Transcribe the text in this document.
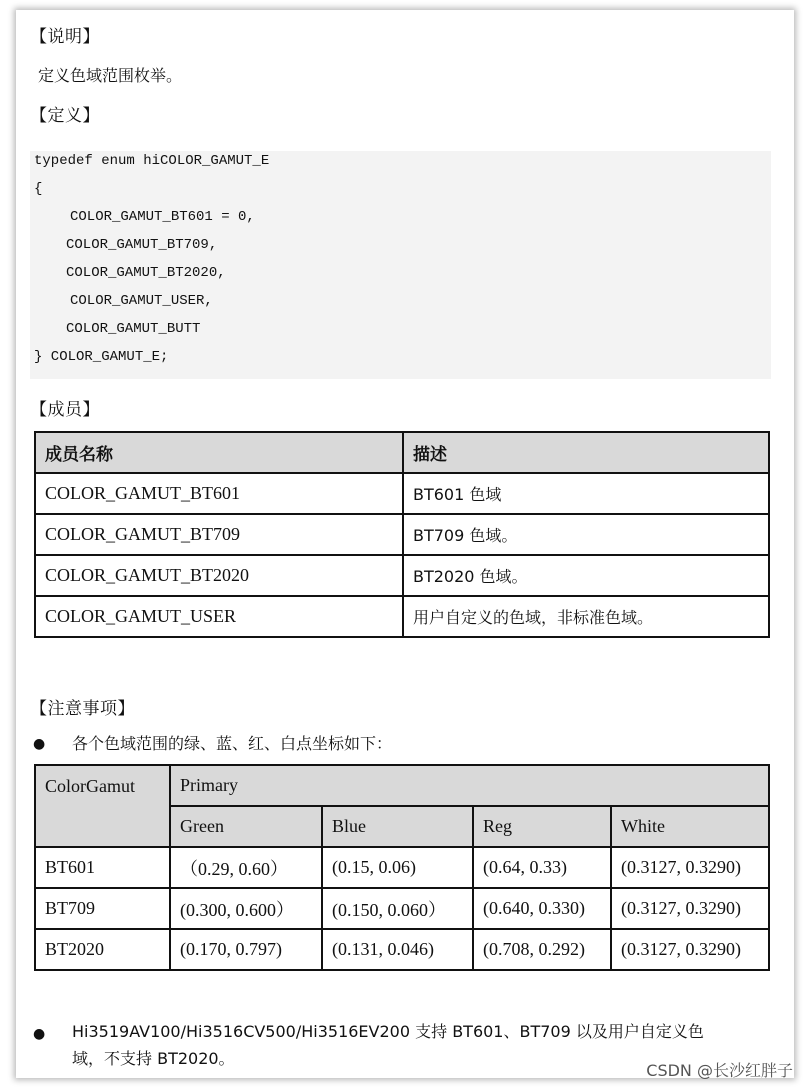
【说明】
定义色域范围枚举。
【定义】
typedef enum hiCOLOR_GAMUT_E
{
COLOR_GAMUT_BT601 = 0,
COLOR_GAMUT_BT709,
COLOR_GAMUT_BT2020,
COLOR_GAMUT_USER,
COLOR_GAMUT_BUTT
} COLOR_GAMUT_E;
【成员】
成员名称	描述
COLOR_GAMUT_BT601	BT601 色域
COLOR_GAMUT_BT709	BT709 色域。
COLOR_GAMUT_BT2020	BT2020 色域。
COLOR_GAMUT_USER	用户自定义的色域，非标准色域。
【注意事项】
● 各个色域范围的绿、蓝、红、白点坐标如下：
ColorGamut	Primary			
	Green	Blue	Reg	White
BT601	（0.29, 0.60）	(0.15, 0.06)	(0.64, 0.33)	(0.3127, 0.3290)
BT709	(0.300, 0.600）	(0.150, 0.060）	(0.640, 0.330)	(0.3127, 0.3290)
BT2020	(0.170, 0.797)	(0.131, 0.046)	(0.708, 0.292)	(0.3127, 0.3290)
● Hi3519AV100/Hi3516CV500/Hi3516EV200 支持 BT601、BT709 以及用户自定义色
域，不支持 BT2020。
CSDN @长沙红胖子
